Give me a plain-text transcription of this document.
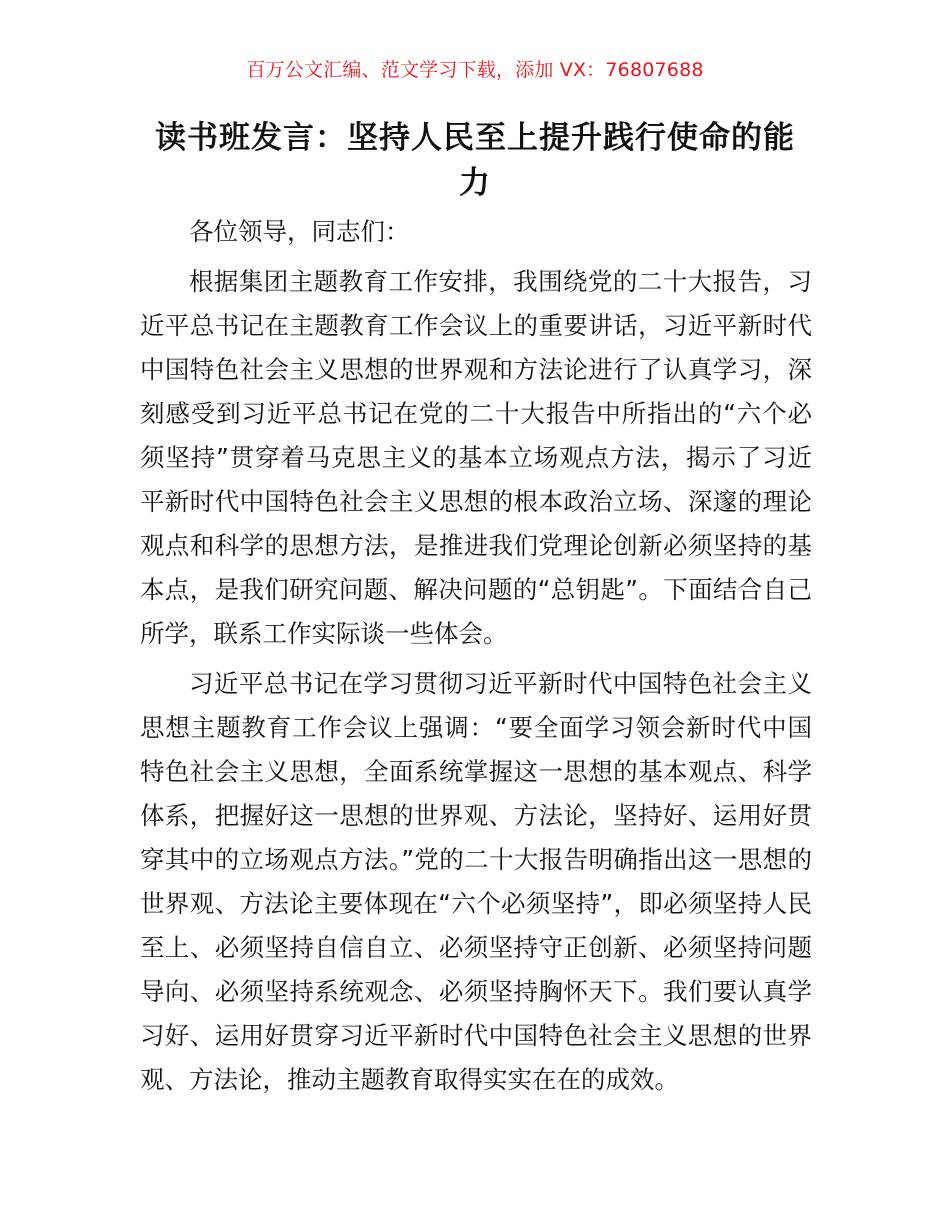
百万公文汇编、范文学习下载，添加 VX：76807688
读书班发言：坚持人民至上提升践行使命的能力

各位领导，同志们：

根据集团主题教育工作安排，我围绕党的二十大报告，习近平总书记在主题教育工作会议上的重要讲话，习近平新时代中国特色社会主义思想的世界观和方法论进行了认真学习，深刻感受到习近平总书记在党的二十大报告中所指出的“六个必须坚持”贯穿着马克思主义的基本立场观点方法，揭示了习近平新时代中国特色社会主义思想的根本政治立场、深邃的理论观点和科学的思想方法，是推进我们党理论创新必须坚持的基本点，是我们研究问题、解决问题的“总钥匙”。下面结合自己所学，联系工作实际谈一些体会。

习近平总书记在学习贯彻习近平新时代中国特色社会主义思想主题教育工作会议上强调：“要全面学习领会新时代中国特色社会主义思想，全面系统掌握这一思想的基本观点、科学体系，把握好这一思想的世界观、方法论，坚持好、运用好贯穿其中的立场观点方法。”党的二十大报告明确指出这一思想的世界观、方法论主要体现在“六个必须坚持”，即必须坚持人民至上、必须坚持自信自立、必须坚持守正创新、必须坚持问题导向、必须坚持系统观念、必须坚持胸怀天下。我们要认真学习好、运用好贯穿习近平新时代中国特色社会主义思想的世界观、方法论，推动主题教育取得实实在在的成效。
